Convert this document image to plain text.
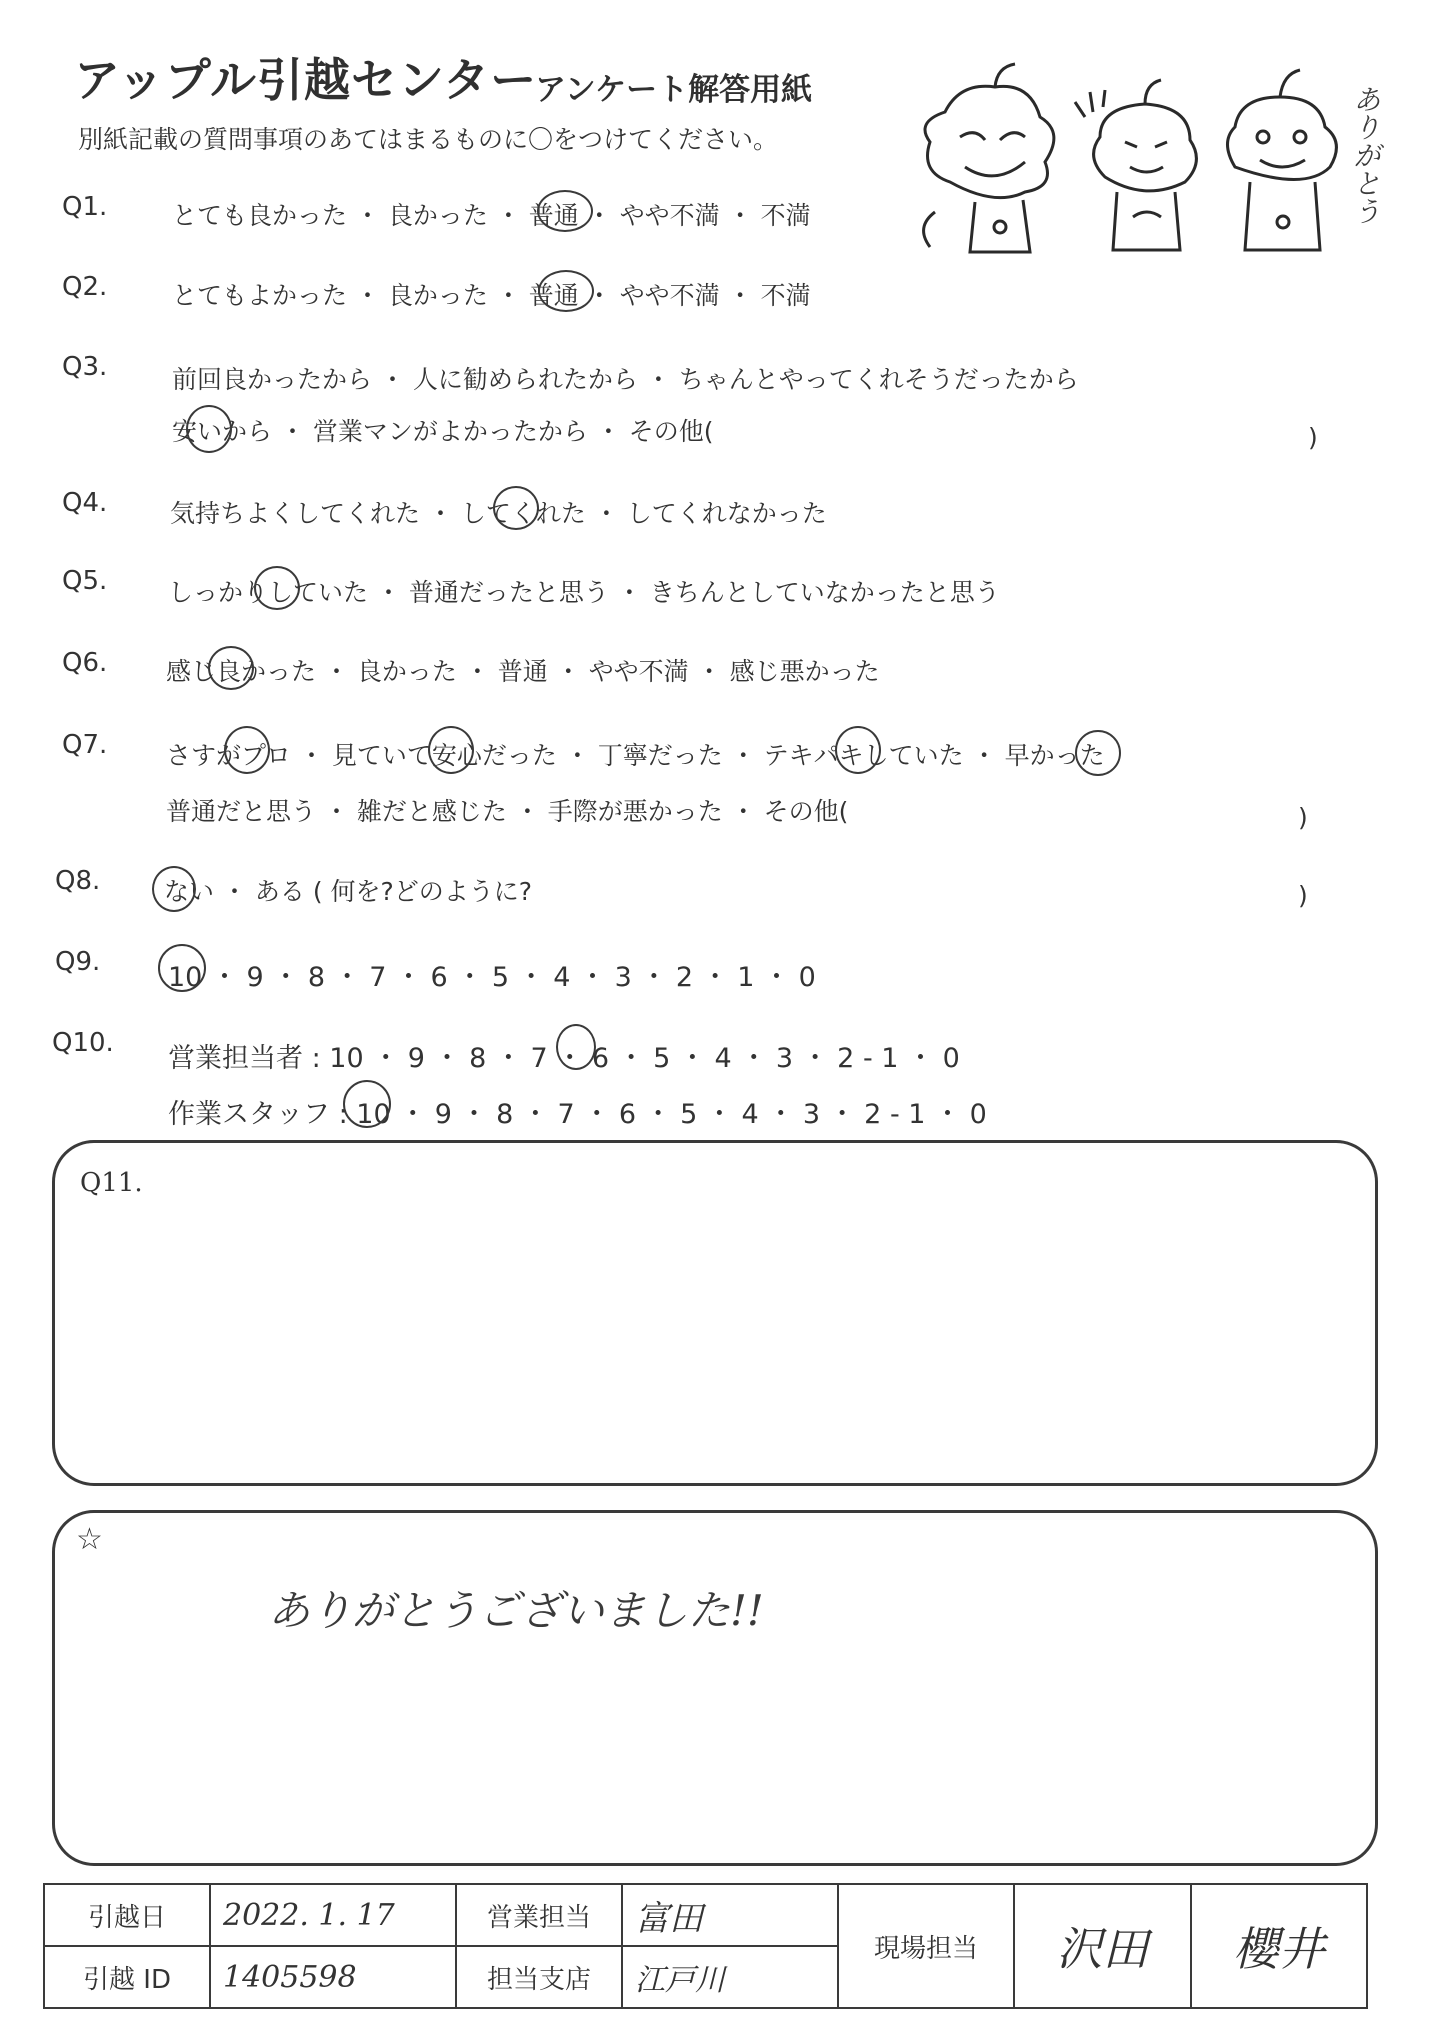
アップル引越センター
アンケート解答用紙
別紙記載の質問事項のあてはまるものに〇をつけてください。	ありがとう
Q1.	とても良かった ・ 良かった ・ 普通 ・ やや不満 ・ 不満
Q2.	とてもよかった ・ 良かった ・ 普通 ・ やや不満 ・ 不満
Q3.	前回良かったから ・ 人に勧められたから ・ ちゃんとやってくれそうだったから
安いから ・ 営業マンがよかったから ・ その他(	)
Q4.	気持ちよくしてくれた ・ してくれた ・ してくれなかった
Q5. しっかりしていた ・ 普通だったと思う ・ きちんとしていなかったと思う
Q6. 感じ良かった ・ 良かった ・ 普通 ・ やや不満 ・ 感じ悪かった
Q7. さすがプロ ・ 見ていて安心だった ・ 丁寧だった ・ テキパキしていた ・ 早かった
普通だと思う ・ 雑だと感じた ・ 手際が悪かった ・ その他(	)
Q8.	ない ・ ある ( 何を?どのように?	)
Q9.	10 ・ 9 ・ 8 ・ 7 ・ 6 ・ 5 ・ 4 ・ 3 ・ 2 ・ 1 ・ 0
Q10. 営業担当者 : 10 ・ 9 ・ 8 ・ 7 ・ 6 ・ 5 ・ 4 ・ 3 ・ 2 - 1 ・ 0
作業スタッフ : 10 ・ 9 ・ 8 ・ 7 ・ 6 ・ 5 ・ 4 ・ 3 ・ 2 - 1 ・ 0
Q11.
☆
ありがとうございました!!
引越日	2022. 1. 17	営業担当	富田	現場担当	沢田	櫻井
引越 ID	1405598	担当支店	江戸川			
